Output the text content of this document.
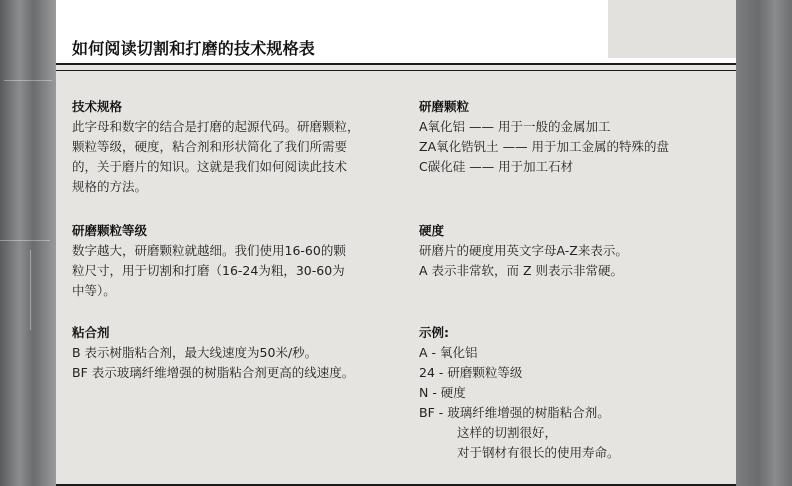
如何阅读切割和打磨的技术规格表
技术规格

此字母和数字的结合是打磨的起源代码。研磨颗粒，
颗粒等级，硬度，粘合剂和形状简化了我们所需要
的，关于磨片的知识。这就是我们如何阅读此技术
规格的方法。

研磨颗粒等级

数字越大，研磨颗粒就越细。我们使用16-60的颗
粒尺寸，用于切割和打磨（16-24为粗，30-60为
中等）。

粘合剂

B 表示树脂粘合剂，最大线速度为50米/秒。
BF 表示玻璃纤维增强的树脂粘合剂更高的线速度。

研磨颗粒

A氧化铝 —— 用于一般的金属加工
ZA氧化锆钒土 —— 用于加工金属的特殊的盘
C碳化硅 —— 用于加工石材

硬度

研磨片的硬度用英文字母A-Z来表示。
A 表示非常软，而 Z 则表示非常硬。

示例:

A - 氧化铝
24 - 研磨颗粒等级
N - 硬度
BF - 玻璃纤维增强的树脂粘合剂。
这样的切割很好，
对于钢材有很长的使用寿命。
